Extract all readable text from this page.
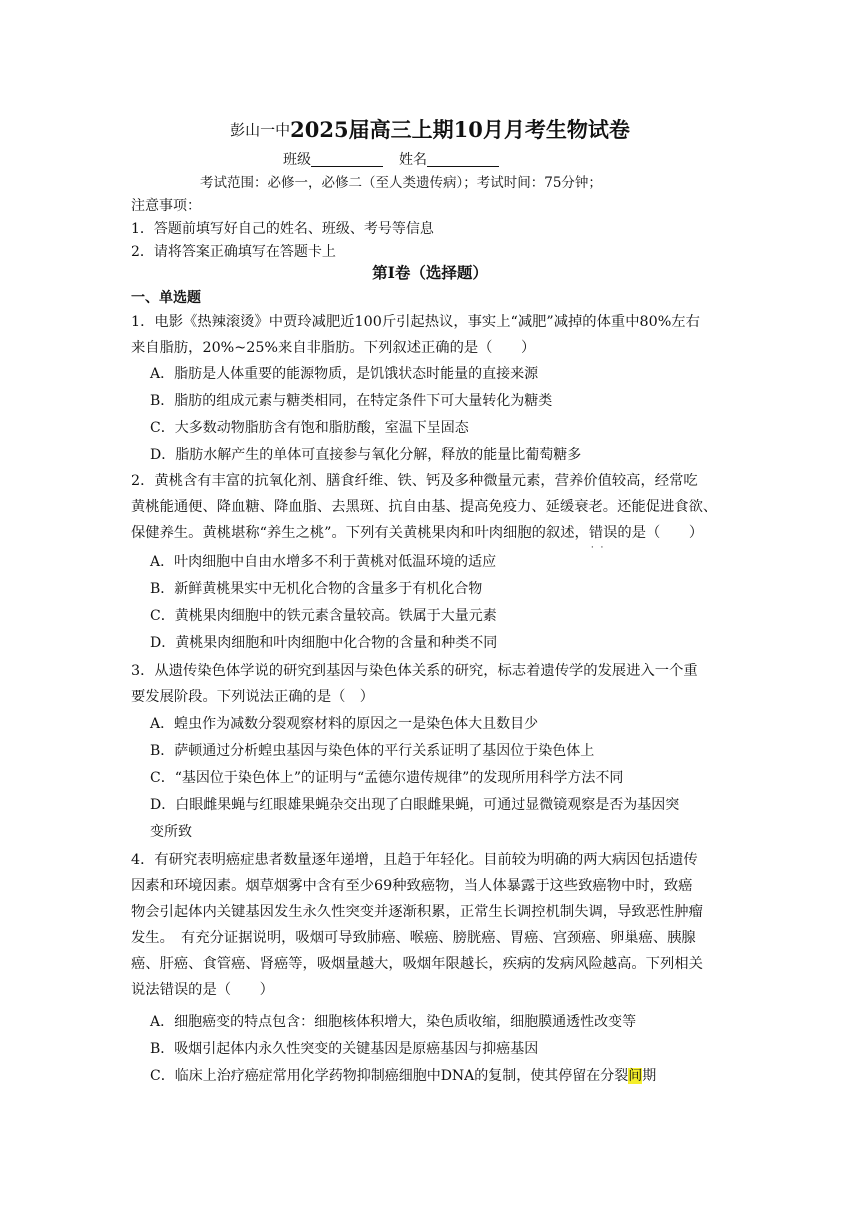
彭山一中2025届高三上期10月月考生物试卷
班级	姓名
考试范围：必修一，必修二（至人类遗传病）；考试时间：75分钟；
注意事项：
1．答题前填写好自己的姓名、班级、考号等信息
2．请将答案正确填写在答题卡上
第I卷（选择题）
一、单选题
1．电影《热辣滚烫》中贾玲减肥近100斤引起热议，事实上“减肥”减掉的体重中80%左右
来自脂肪，20%~25%来自非脂肪。下列叙述正确的是（　　）
A．脂肪是人体重要的能源物质，是饥饿状态时能量的直接来源
B．脂肪的组成元素与糖类相同，在特定条件下可大量转化为糖类
C．大多数动物脂肪含有饱和脂肪酸，室温下呈固态
D．脂肪水解产生的单体可直接参与氧化分解，释放的能量比葡萄糖多
2．黄桃含有丰富的抗氧化剂、膳食纤维、铁、钙及多种微量元素，营养价值较高，经常吃
黄桃能通便、降血糖、降血脂、去黑斑、抗自由基、提高免疫力、延缓衰老。还能促进食欲、
保健养生。黄桃堪称“养生之桃”。下列有关黄桃果肉和叶肉细胞的叙述，错误 · ·的是（　　）
A．叶肉细胞中自由水增多不利于黄桃对低温环境的适应
B．新鲜黄桃果实中无机化合物的含量多于有机化合物
C．黄桃果肉细胞中的铁元素含量较高。铁属于大量元素
D．黄桃果肉细胞和叶肉细胞中化合物的含量和种类不同
3．从遗传染色体学说的研究到基因与染色体关系的研究，标志着遗传学的发展进入一个重
要发展阶段。下列说法正确的是（　）
A．蝗虫作为减数分裂观察材料的原因之一是染色体大且数目少
B．萨顿通过分析蝗虫基因与染色体的平行关系证明了基因位于染色体上
C．“基因位于染色体上”的证明与“孟德尔遗传规律”的发现所用科学方法不同
D．白眼雌果蝇与红眼雄果蝇杂交出现了白眼雌果蝇，可通过显微镜观察是否为基因突
变所致
4．有研究表明癌症患者数量逐年递增，且趋于年轻化。目前较为明确的两大病因包括遗传
因素和环境因素。烟草烟雾中含有至少69种致癌物，当人体暴露于这些致癌物中时，致癌
物会引起体内关键基因发生永久性突变并逐渐积累，正常生长调控机制失调，导致恶性肿瘤
发生。　有充分证据说明，吸烟可导致肺癌、喉癌、膀胱癌、胃癌、宫颈癌、卵巢癌、胰腺
癌、肝癌、食管癌、肾癌等，吸烟量越大，吸烟年限越长，疾病的发病风险越高。下列相关
说法错误的是（　　）
A．细胞癌变的特点包含：细胞核体积增大，染色质收缩，细胞膜通透性改变等
B．吸烟引起体内永久性突变的关键基因是原癌基因与抑癌基因
C．临床上治疗癌症常用化学药物抑制癌细胞中DNA的复制，使其停留在分裂间期
